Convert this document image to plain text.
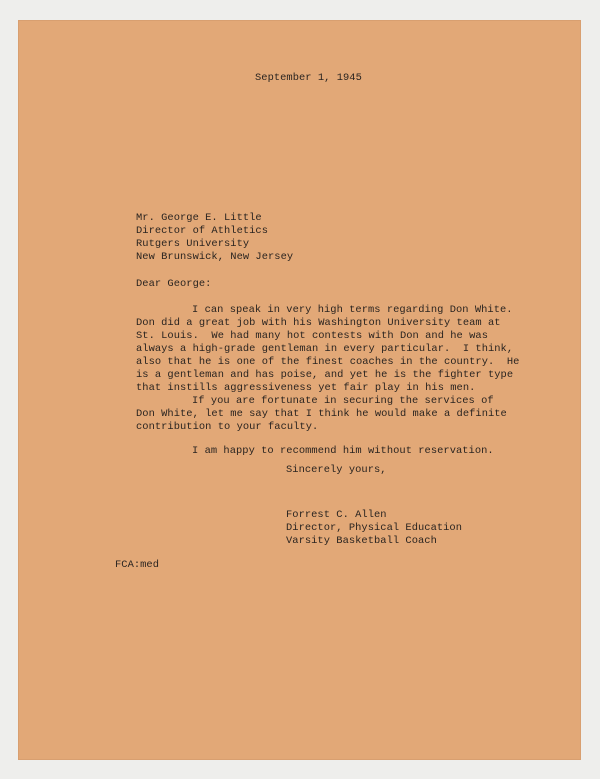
September 1, 1945

Mr. George E. Little

Director of Athletics

Rutgers University

New Brunswick, New Jersey

Dear George:

I can speak in very high terms regarding Don White.

Don did a great job with his Washington University team at

St. Louis.  We had many hot contests with Don and he was

always a high-grade gentleman in every particular.  I think,

also that he is one of the finest coaches in the country.  He

is a gentleman and has poise, and yet he is the fighter type

that instills aggressiveness yet fair play in his men.

If you are fortunate in securing the services of

Don White, let me say that I think he would make a definite

contribution to your faculty.

I am happy to recommend him without reservation.

Sincerely yours,

Forrest C. Allen

Director, Physical Education

Varsity Basketball Coach

FCA:med
